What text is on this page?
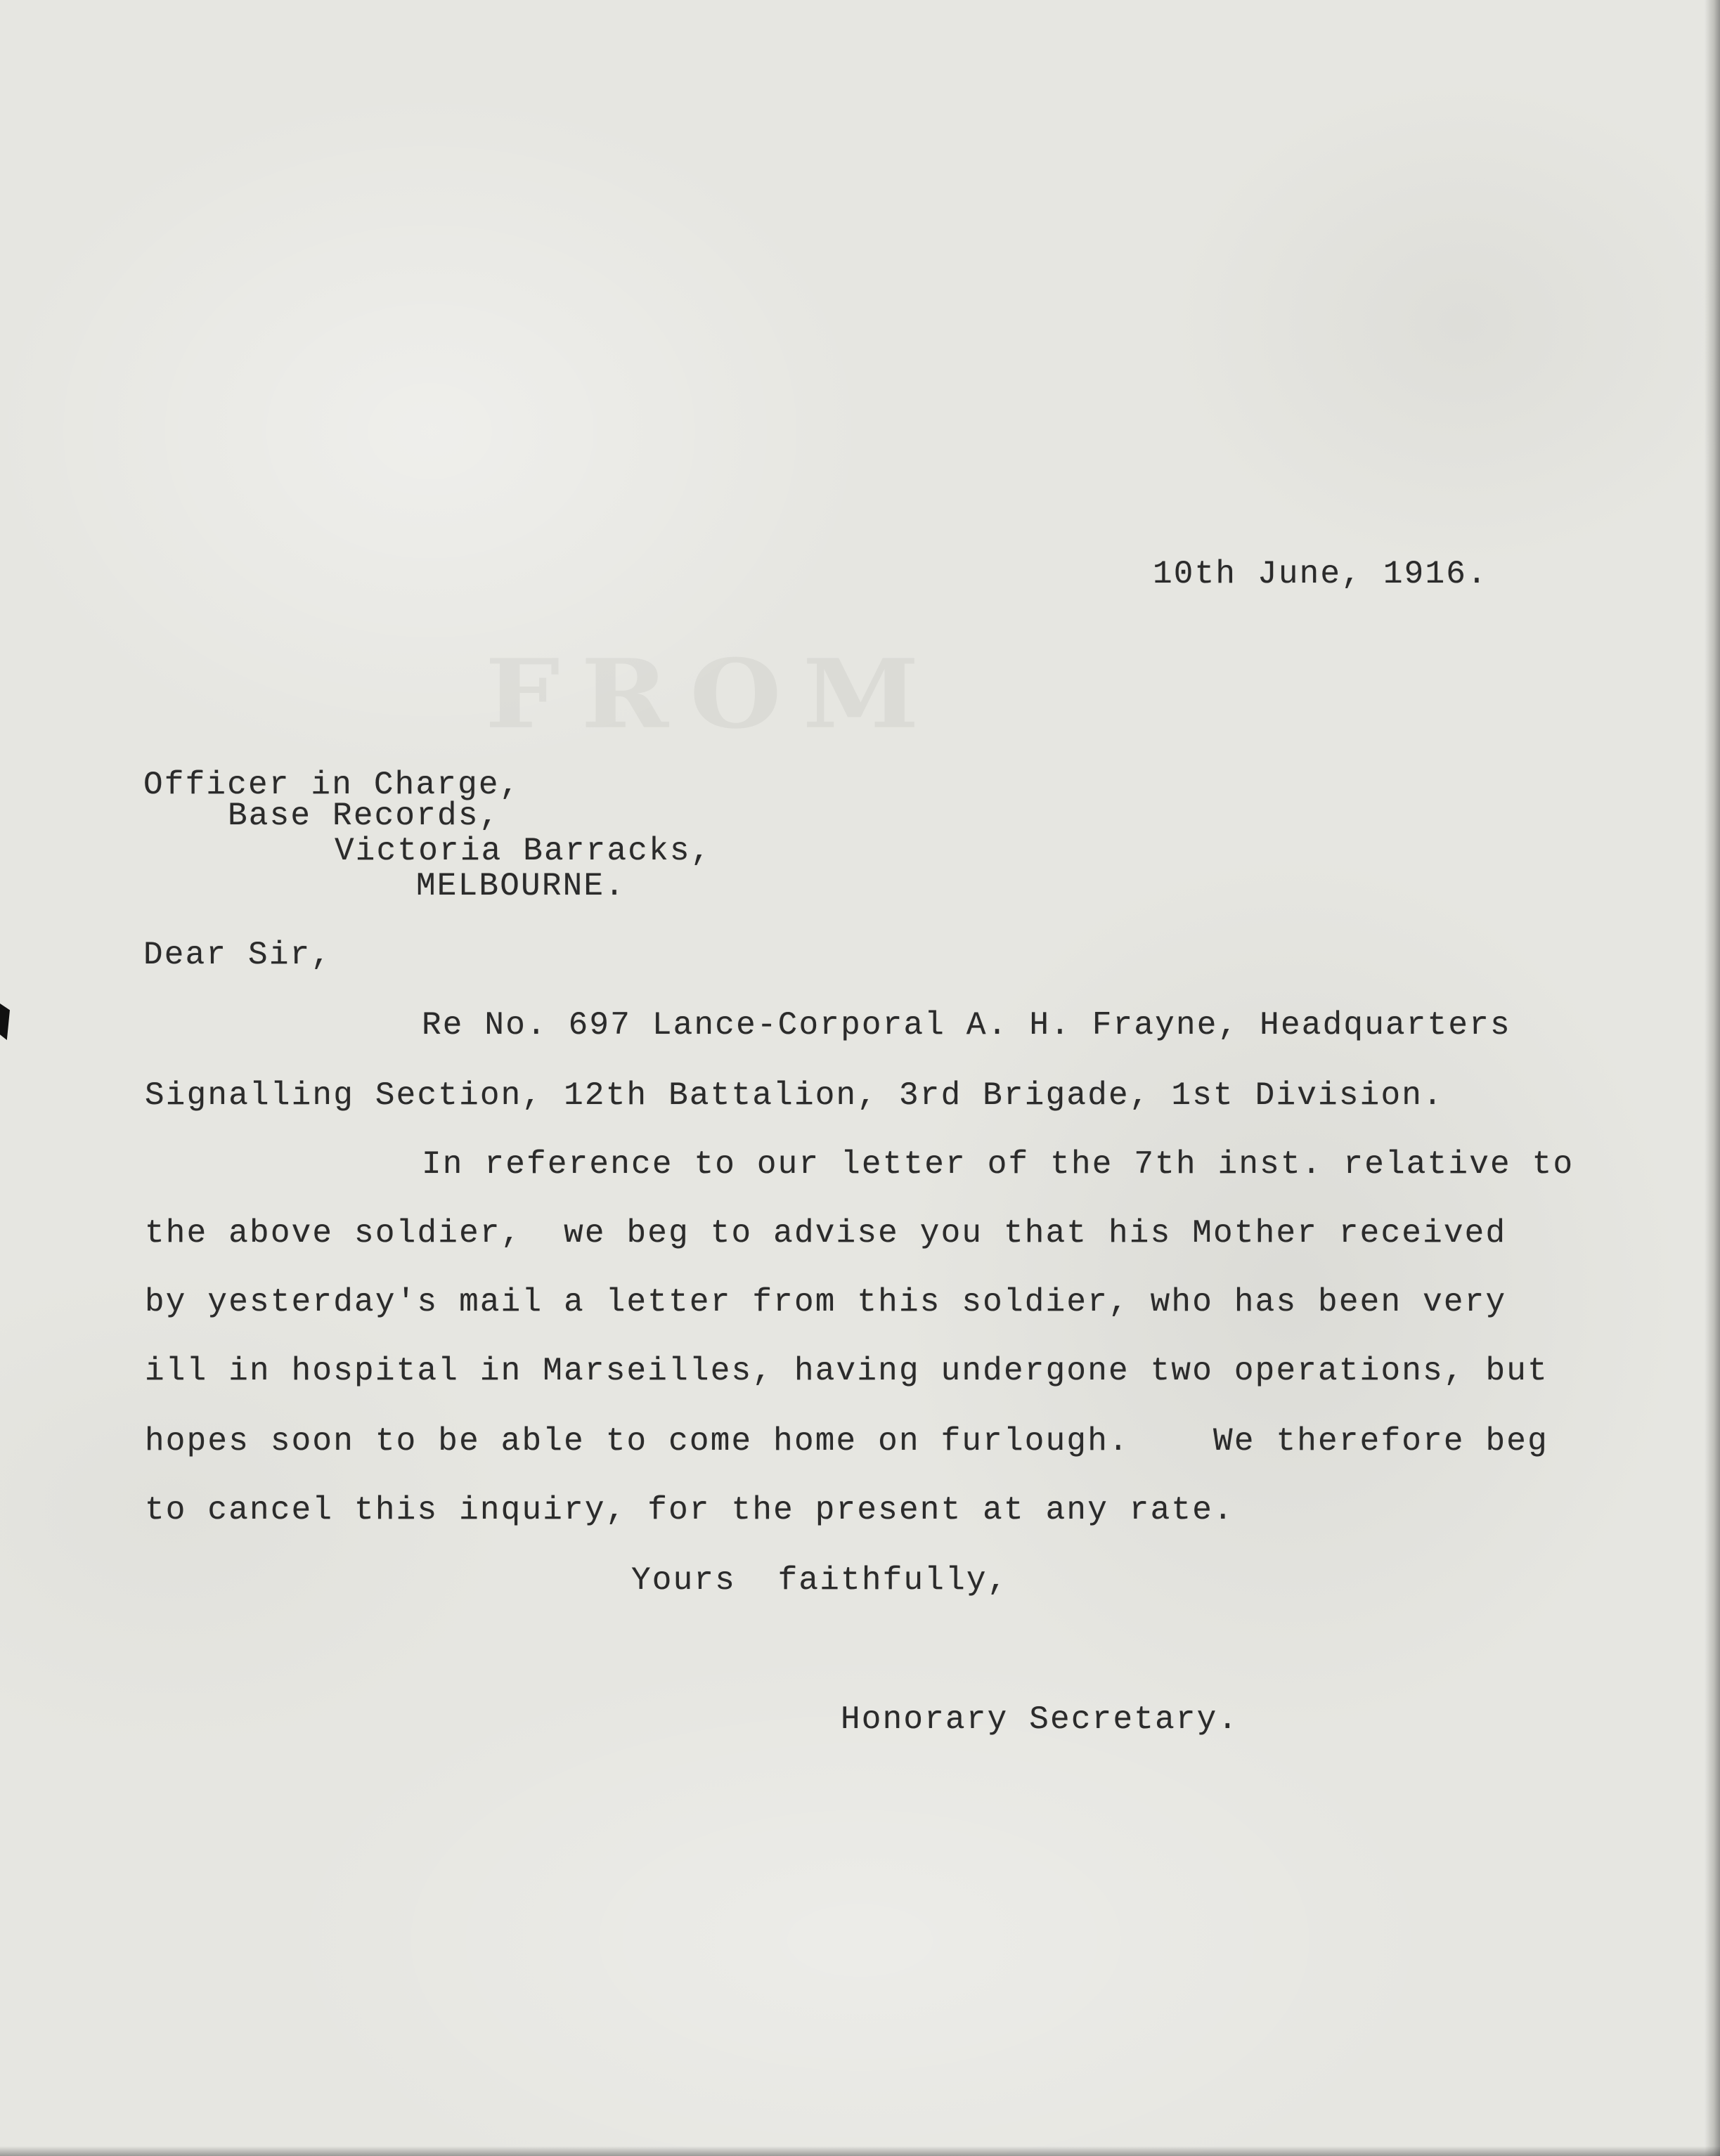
FROM
10th June, 1916.
Officer in Charge,
Base Records,
Victoria Barracks,
MELBOURNE.
Dear Sir,
Re No. 697 Lance-Corporal A. H. Frayne, Headquarters
Signalling Section, 12th Battalion, 3rd Brigade, 1st Division.
In reference to our letter of the 7th inst. relative to
the above soldier,  we beg to advise you that his Mother received
by yesterday's mail a letter from this soldier, who has been very
ill in hospital in Marseilles, having undergone two operations, but
hopes soon to be able to come home on furlough.    We therefore beg
to cancel this inquiry, for the present at any rate.
Yours  faithfully,
Honorary Secretary.
